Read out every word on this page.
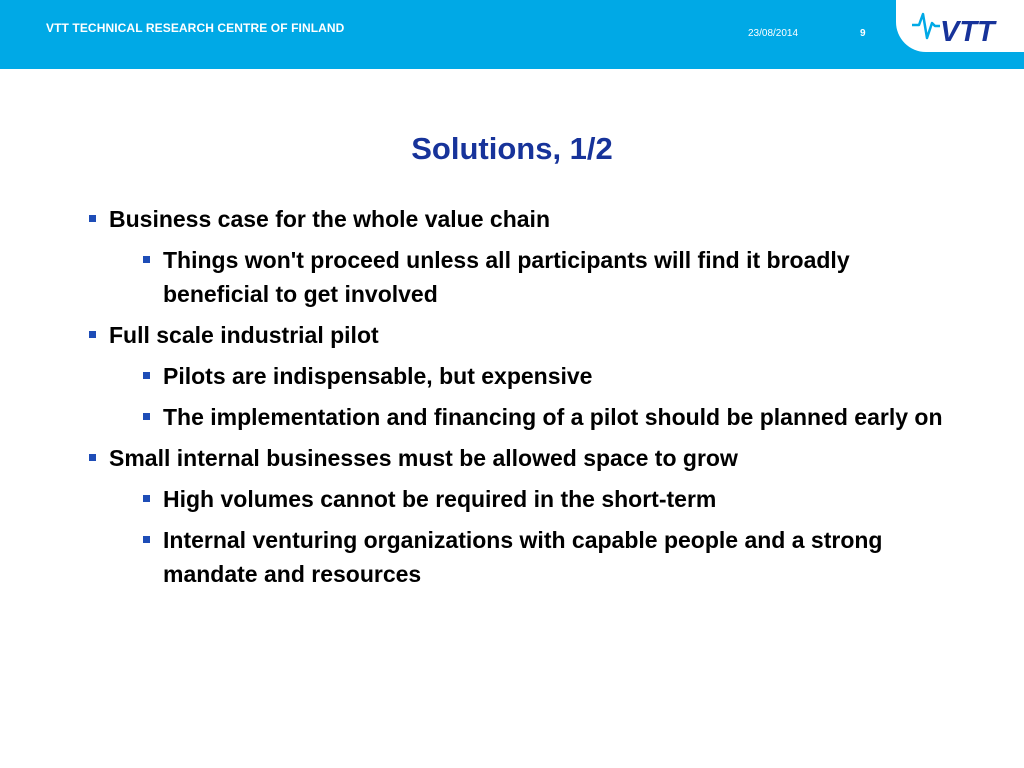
VTT TECHNICAL RESEARCH CENTRE OF FINLAND	23/08/2014	9	VTT
Solutions, 1/2
Business case for the whole value chain
Things won't proceed unless all participants will find it broadly beneficial to get involved
Full scale industrial pilot
Pilots are indispensable, but expensive
The implementation and financing of a pilot should be planned early on
Small internal businesses must be allowed space to grow
High volumes cannot be required in the short-term
Internal venturing organizations with capable people and a strong mandate and resources
